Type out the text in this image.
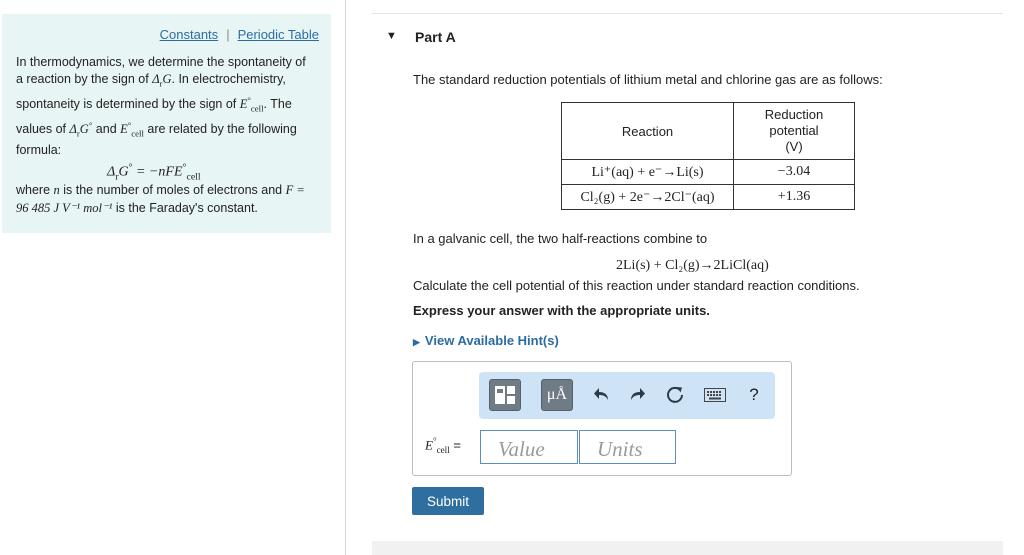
Constants | Periodic Table

In thermodynamics, we determine the spontaneity of a reaction by the sign of $\Delta_rG$. In electrochemistry, spontaneity is determined by the sign of $E^\circ_{cell}$. The values of $\Delta_rG^\circ$ and $E^\circ_{cell}$ are related by the following formula:

$\Delta_rG^\circ = -nFE^\circ_{cell}$

where n is the number of moles of electrons and F = 96 485 J V⁻¹ mol⁻¹ is the Faraday's constant.

▼ Part A

The standard reduction potentials of lithium metal and chlorine gas are as follows:

Reaction	Reduction
potential
(V)
Li⁺(aq) + e⁻→Li(s)	−3.04
Cl₂(g) + 2e⁻→2Cl⁻(aq)	+1.36

In a galvanic cell, the two half-reactions combine to

2Li(s) + Cl₂(g)→2LiCl(aq)

Calculate the cell potential of this reaction under standard reaction conditions.

Express your answer with the appropriate units.

▶ View Available Hint(s)
μÅ	?
$E^\circ_{cell}$ =
Value
Units
Submit
